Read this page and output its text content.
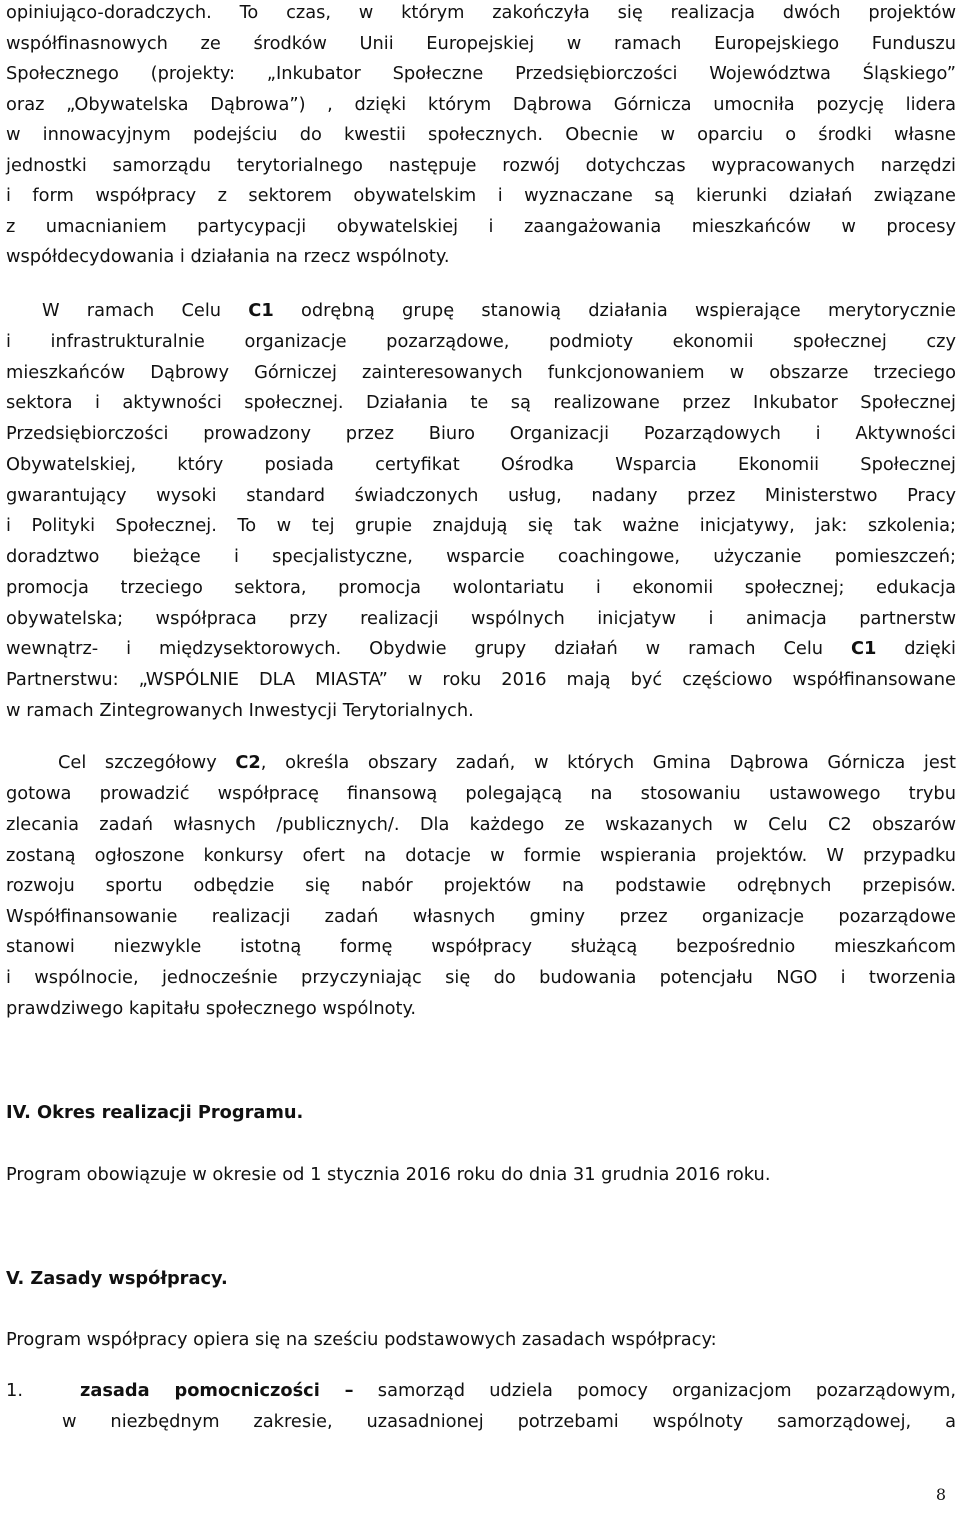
opiniująco-doradczych. To czas, w którym zakończyła się realizacja dwóch projektów
współfinasnowych ze środków Unii Europejskiej w ramach Europejskiego Funduszu
Społecznego (projekty: „Inkubator Społeczne Przedsiębiorczości Województwa Śląskiego”
oraz „Obywatelska Dąbrowa”) , dzięki którym Dąbrowa Górnicza umocniła pozycję lidera
w innowacyjnym podejściu do kwestii społecznych. Obecnie w oparciu o środki własne
jednostki samorządu terytorialnego następuje rozwój dotychczas wypracowanych narzędzi
i form współpracy z sektorem obywatelskim i wyznaczane są kierunki działań związane
z umacnianiem partycypacji obywatelskiej i zaangażowania mieszkańców w procesy
współdecydowania i działania na rzecz wspólnoty.
W ramach Celu C1 odrębną grupę stanowią działania wspierające merytorycznie
i infrastrukturalnie organizacje pozarządowe, podmioty ekonomii społecznej czy
mieszkańców Dąbrowy Górniczej zainteresowanych funkcjonowaniem w obszarze trzeciego
sektora i aktywności społecznej. Działania te są realizowane przez Inkubator Społecznej
Przedsiębiorczości prowadzony przez Biuro Organizacji Pozarządowych i Aktywności
Obywatelskiej, który posiada certyfikat Ośrodka Wsparcia Ekonomii Społecznej
gwarantujący wysoki standard świadczonych usług, nadany przez Ministerstwo Pracy
i Polityki Społecznej. To w tej grupie znajdują się tak ważne inicjatywy, jak: szkolenia;
doradztwo bieżące i specjalistyczne, wsparcie coachingowe, użyczanie pomieszczeń;
promocja trzeciego sektora, promocja wolontariatu i ekonomii społecznej; edukacja
obywatelska; współpraca przy realizacji wspólnych inicjatyw i animacja partnerstw
wewnątrz- i międzysektorowych. Obydwie grupy działań w ramach Celu C1 dzięki
Partnerstwu: „WSPÓLNIE DLA MIASTA” w roku 2016 mają być częściowo współfinansowane
w ramach Zintegrowanych Inwestycji Terytorialnych.
Cel szczegółowy C2, określa obszary zadań, w których Gmina Dąbrowa Górnicza jest
gotowa prowadzić współpracę finansową polegającą na stosowaniu ustawowego trybu
zlecania zadań własnych /publicznych/. Dla każdego ze wskazanych w Celu C2 obszarów
zostaną ogłoszone konkursy ofert na dotacje w formie wspierania projektów. W przypadku
rozwoju sportu odbędzie się nabór projektów na podstawie odrębnych przepisów.
Współfinansowanie realizacji zadań własnych gminy przez organizacje pozarządowe
stanowi niezwykle istotną formę współpracy służącą bezpośrednio mieszkańcom
i wspólnocie, jednocześnie przyczyniając się do budowania potencjału NGO i tworzenia
prawdziwego kapitału społecznego wspólnoty.
IV. Okres realizacji Programu.
Program obowiązuje w okresie od 1 stycznia 2016 roku do dnia 31 grudnia 2016 roku.
V. Zasady współpracy.
Program współpracy opiera się na sześciu podstawowych zasadach współpracy:
1.	zasada pomocniczości – samorząd udziela pomocy organizacjom pozarządowym,
w niezbędnym zakresie, uzasadnionej potrzebami wspólnoty samorządowej, a
8
